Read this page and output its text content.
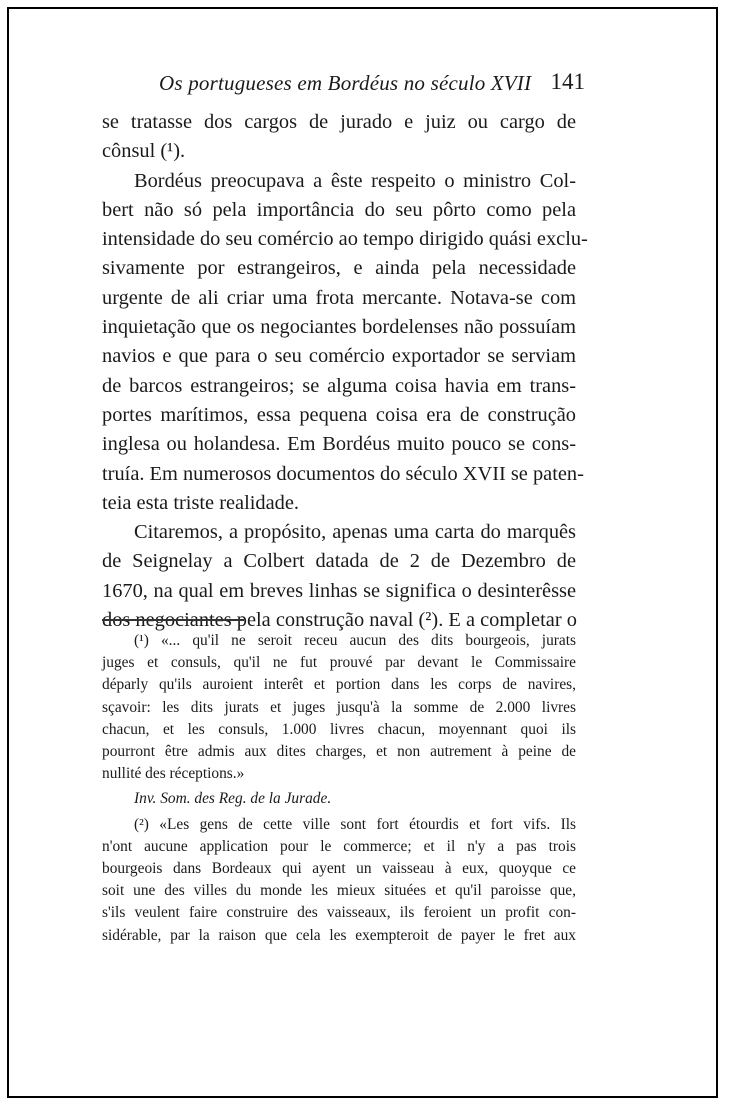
Os portugueses em Bordéus no século XVII 141
se tratasse dos cargos de jurado e juiz ou cargo de
cônsul (¹).
Bordéus preocupava a êste respeito o ministro Col-
bert não só pela importância do seu pôrto como pela
intensidade do seu comércio ao tempo dirigido quási exclu-
sivamente por estrangeiros, e ainda pela necessidade
urgente de ali criar uma frota mercante. Notava-se com
inquietação que os negociantes bordelenses não possuíam
navios e que para o seu comércio exportador se serviam
de barcos estrangeiros; se alguma coisa havia em trans-
portes marítimos, essa pequena coisa era de construção
inglesa ou holandesa. Em Bordéus muito pouco se cons-
truía. Em numerosos documentos do século XVII se paten-
teia esta triste realidade.
Citaremos, a propósito, apenas uma carta do marquês
de Seignelay a Colbert datada de 2 de Dezembro de
1670, na qual em breves linhas se significa o desinterêsse
dos negociantes pela construção naval (²). E a completar o
(¹) «... qu'il ne seroit receu aucun des dits bourgeois, jurats
juges et consuls, qu'il ne fut prouvé par devant le Commissaire
déparly qu'ils auroient interêt et portion dans les corps de navires,
sçavoir: les dits jurats et juges jusqu'à la somme de 2.000 livres
chacun, et les consuls, 1.000 livres chacun, moyennant quoi ils
pourront être admis aux dites charges, et non autrement à peine de
nullité des réceptions.»
Inv. Som. des Reg. de la Jurade.
(²) «Les gens de cette ville sont fort étourdis et fort vifs. Ils
n'ont aucune application pour le commerce; et il n'y a pas trois
bourgeois dans Bordeaux qui ayent un vaisseau à eux, quoyque ce
soit une des villes du monde les mieux situées et qu'il paroisse que,
s'ils veulent faire construire des vaisseaux, ils feroient un profit con-
sidérable, par la raison que cela les exempteroit de payer le fret aux
